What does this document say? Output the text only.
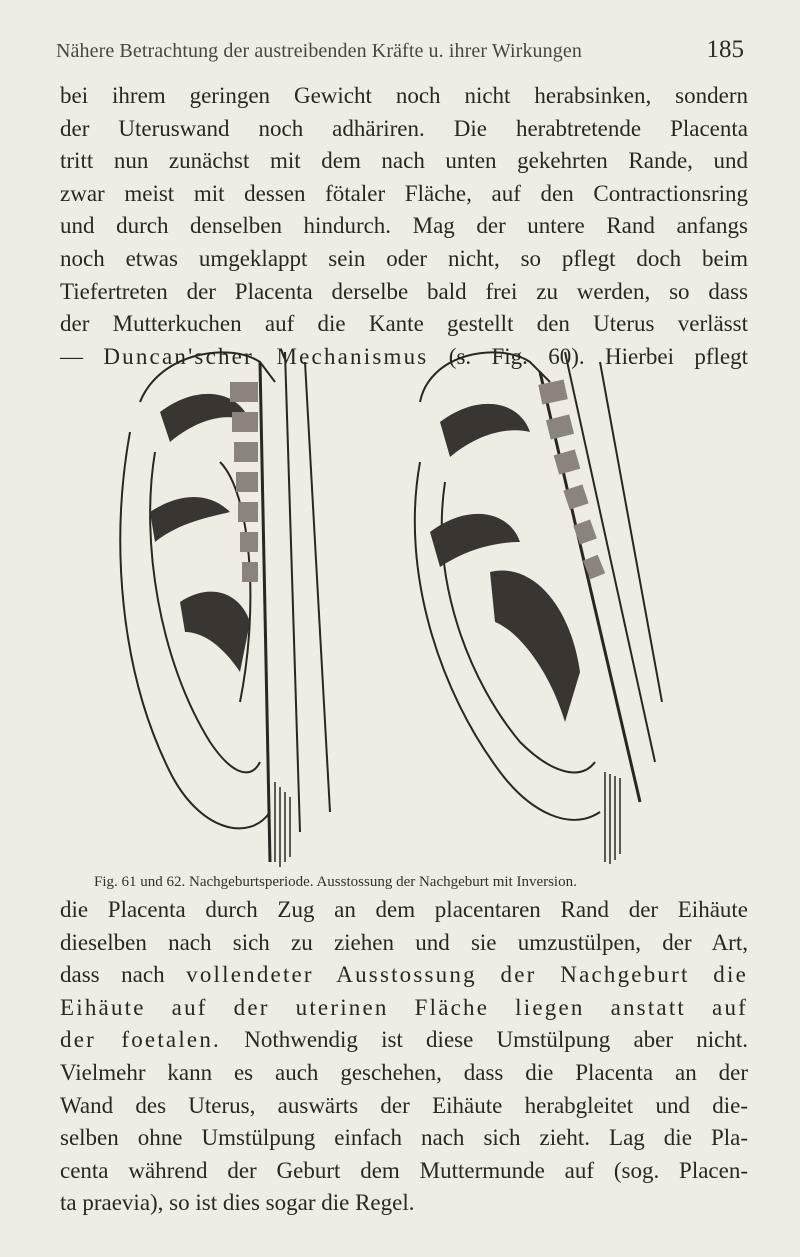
Nähere Betrachtung der austreibenden Kräfte u. ihrer Wirkungen	185
bei ihrem geringen Gewicht noch nicht herabsinken, sondern
der Uteruswand noch adhäriren. Die herabtretende Placenta
tritt nun zunächst mit dem nach unten gekehrten Rande, und
zwar meist mit dessen fötaler Fläche, auf den Contractionsring
und durch denselben hindurch. Mag der untere Rand anfangs
noch etwas umgeklappt sein oder nicht, so pflegt doch beim
Tiefertreten der Placenta derselbe bald frei zu werden, so dass
der Mutterkuchen auf die Kante gestellt den Uterus verlässt
— Duncan'scher Mechanismus (s. Fig. 60). Hierbei pflegt
Fig. 61 und 62. Nachgeburtsperiode. Ausstossung der Nachgeburt mit Inversion.
die Placenta durch Zug an dem placentaren Rand der Eihäute
dieselben nach sich zu ziehen und sie umzustülpen, der Art,
dass nach vollendeter Ausstossung der Nachgeburt die
Eihäute auf der uterinen Fläche liegen anstatt auf
der foetalen. Nothwendig ist diese Umstülpung aber nicht.
Vielmehr kann es auch geschehen, dass die Placenta an der
Wand des Uterus, auswärts der Eihäute herabgleitet und die-
selben ohne Umstülpung einfach nach sich zieht. Lag die Pla-
centa während der Geburt dem Muttermunde auf (sog. Placen-
ta praevia), so ist dies sogar die Regel.
